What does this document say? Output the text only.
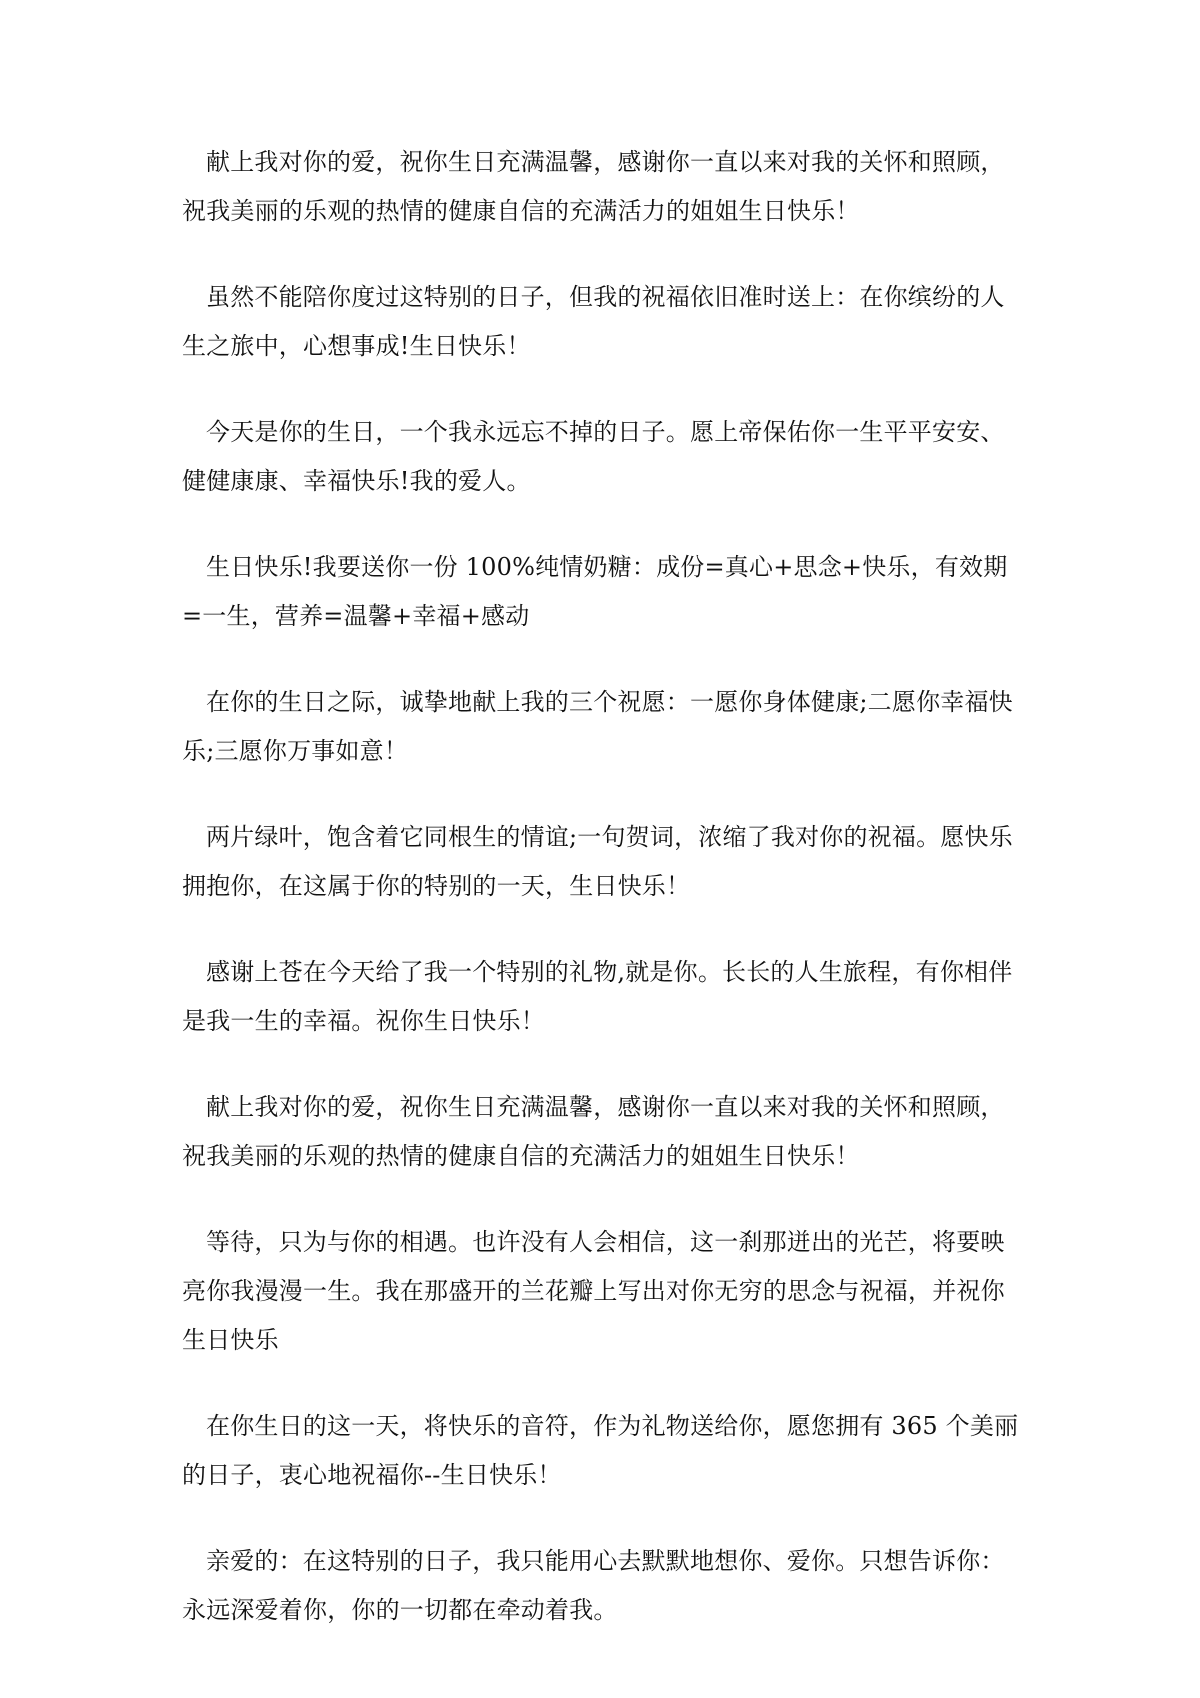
献上我对你的爱，祝你生日充满温馨，感谢你一直以来对我的关怀和照顾，祝我美丽的乐观的热情的健康自信的充满活力的姐姐生日快乐！

虽然不能陪你度过这特别的日子，但我的祝福依旧准时送上：在你缤纷的人生之旅中，心想事成!生日快乐！

今天是你的生日，一个我永远忘不掉的日子。愿上帝保佑你一生平平安安、健健康康、幸福快乐!我的爱人。

生日快乐!我要送你一份 100%纯情奶糖：成份=真心+思念+快乐，有效期=一生，营养=温馨+幸福+感动

在你的生日之际，诚挚地献上我的三个祝愿：一愿你身体健康;二愿你幸福快乐;三愿你万事如意！

两片绿叶，饱含着它同根生的情谊;一句贺词，浓缩了我对你的祝福。愿快乐拥抱你，在这属于你的特别的一天，生日快乐！

感谢上苍在今天给了我一个特别的礼物,就是你。长长的人生旅程，有你相伴是我一生的幸福。祝你生日快乐！

献上我对你的爱，祝你生日充满温馨，感谢你一直以来对我的关怀和照顾，祝我美丽的乐观的热情的健康自信的充满活力的姐姐生日快乐！

等待，只为与你的相遇。也许没有人会相信，这一刹那迸出的光芒，将要映亮你我漫漫一生。我在那盛开的兰花瓣上写出对你无穷的思念与祝福，并祝你生日快乐

在你生日的这一天，将快乐的音符，作为礼物送给你，愿您拥有 365 个美丽的日子，衷心地祝福你--生日快乐！

亲爱的：在这特别的日子，我只能用心去默默地想你、爱你。只想告诉你：永远深爱着你，你的一切都在牵动着我。
